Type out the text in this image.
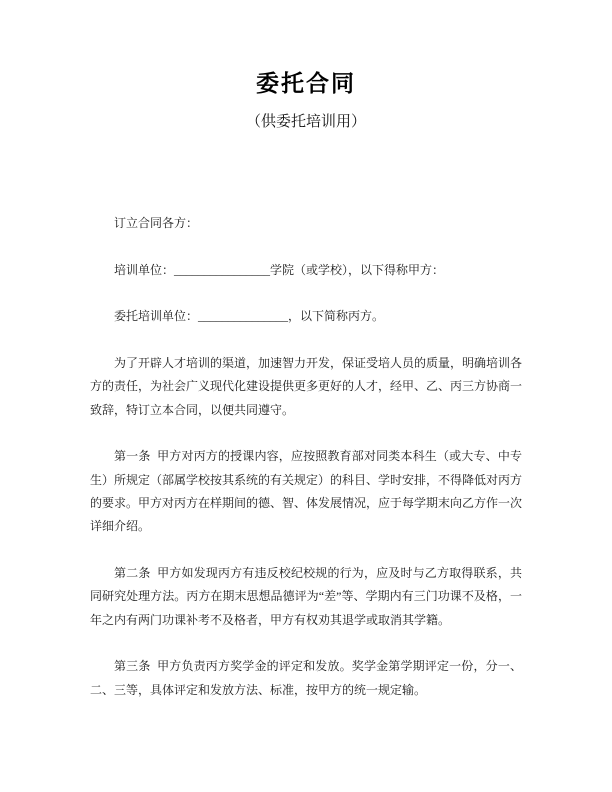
委托合同
（供委托培训用）

订立合同各方：

培训单位：________________学院（或学校），以下得称甲方：

委托培训单位：_______________，以下简称丙方。

为了开辟人才培训的渠道，加速智力开发，保证受培人员的质量，明确培训各方的责任，为社会广义现代化建设提供更多更好的人才，经甲、乙、丙三方协商一致辞，特订立本合同，以便共同遵守。

第一条 甲方对丙方的授课内容，应按照教育部对同类本科生（或大专、中专生）所规定（部属学校按其系统的有关规定）的科目、学时安排，不得降低对丙方的要求。甲方对丙方在样期间的德、智、体发展情况，应于每学期末向乙方作一次详细介绍。

第二条 甲方如发现丙方有违反校纪校规的行为，应及时与乙方取得联系，共同研究处理方法。丙方在期末思想品德评为“差”等、学期内有三门功课不及格，一年之内有两门功课补考不及格者，甲方有权劝其退学或取消其学籍。

第三条 甲方负责丙方奖学金的评定和发放。奖学金第学期评定一份，分一、二、三等，具体评定和发放方法、标准，按甲方的统一规定输。
